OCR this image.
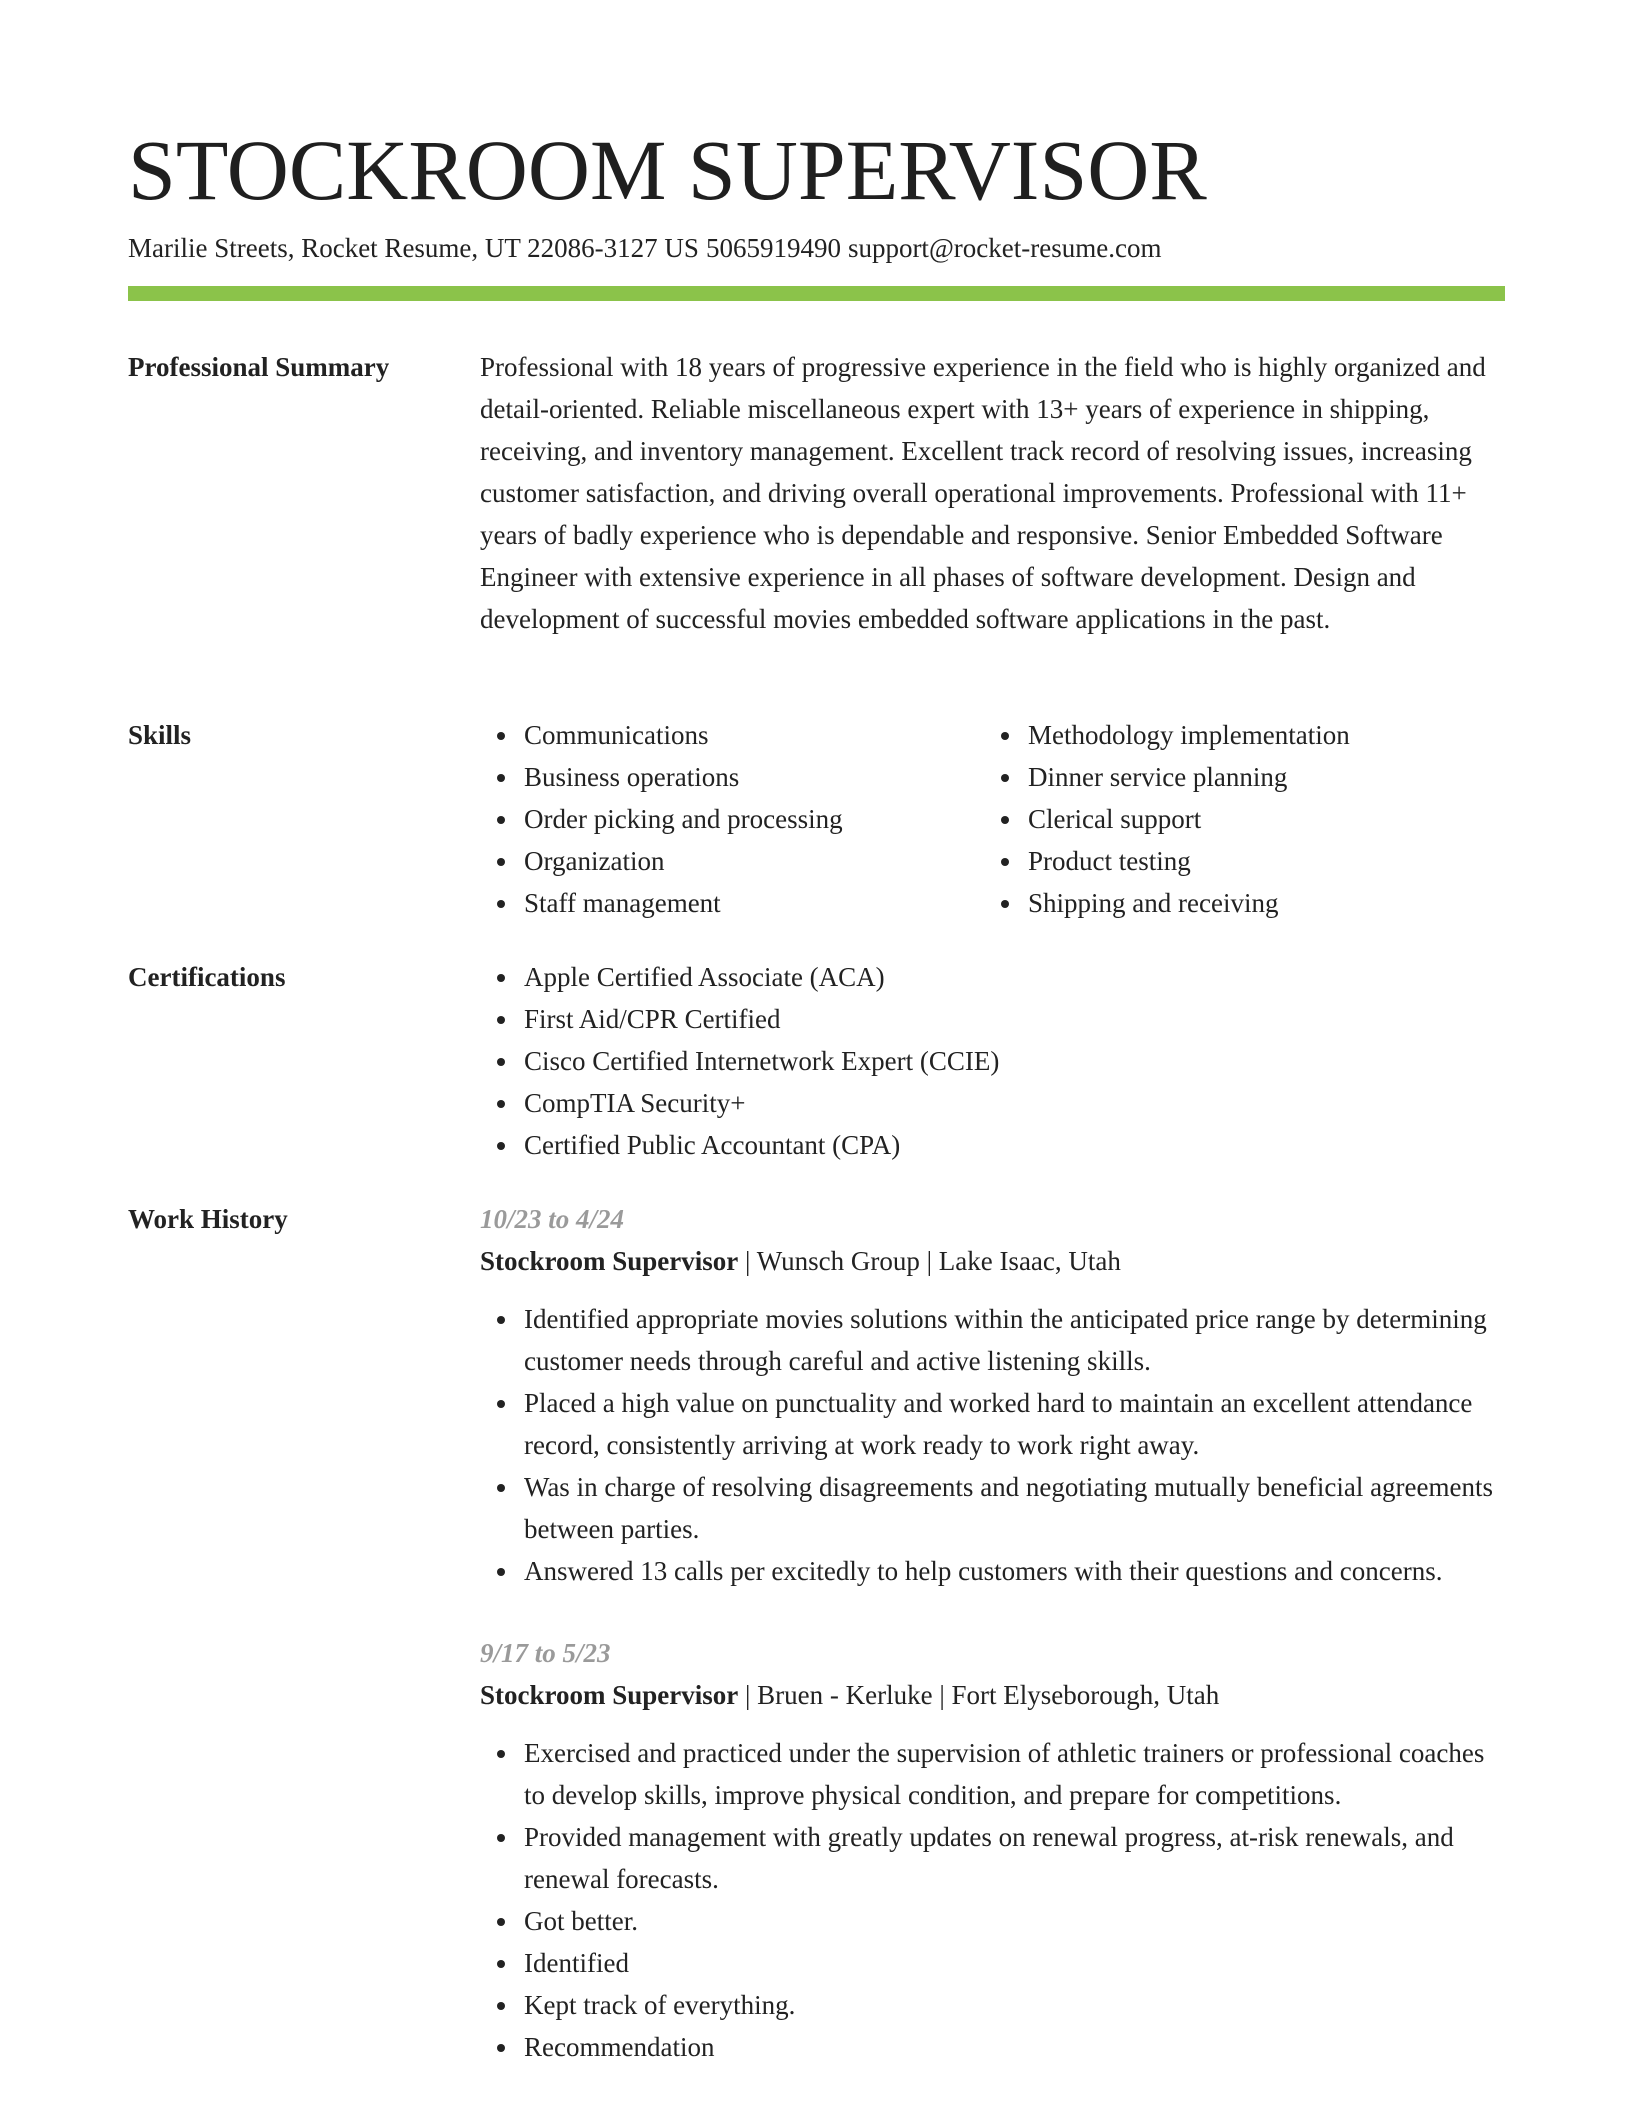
STOCKROOM SUPERVISOR
Marilie Streets, Rocket Resume, UT 22086-3127 US 5065919490 support@rocket-resume.com
Professional Summary	Professional with 18 years of progressive experience in the field who is highly organized and detail-oriented. Reliable miscellaneous expert with 13+ years of experience in shipping, receiving, and inventory management. Excellent track record of resolving issues, increasing customer satisfaction, and driving overall operational improvements. Professional with 11+ years of badly experience who is dependable and responsive. Senior Embedded Software Engineer with extensive experience in all phases of software development. Design and development of successful movies embedded software applications in the past.

Skills	Communications
Business operations
Order picking and processing
Organization
Staff management
Methodology implementation
Dinner service planning
Clerical support
Product testing
Shipping and receiving
Certifications	Apple Certified Associate (ACA)
First Aid/CPR Certified
Cisco Certified Internetwork Expert (CCIE)
CompTIA Security+
Certified Public Accountant (CPA)
Work History	10/23 to 4/24
Stockroom Supervisor | Wunsch Group | Lake Isaac, Utah
Identified appropriate movies solutions within the anticipated price range by determining customer needs through careful and active listening skills.
Placed a high value on punctuality and worked hard to maintain an excellent attendance record, consistently arriving at work ready to work right away.
Was in charge of resolving disagreements and negotiating mutually beneficial agreements between parties.
Answered 13 calls per excitedly to help customers with their questions and concerns.
9/17 to 5/23
Stockroom Supervisor | Bruen - Kerluke | Fort Elyseborough, Utah
Exercised and practiced under the supervision of athletic trainers or professional coaches to develop skills, improve physical condition, and prepare for competitions.
Provided management with greatly updates on renewal progress, at-risk renewals, and renewal forecasts.
Got better.
Identified
Kept track of everything.
Recommendation
